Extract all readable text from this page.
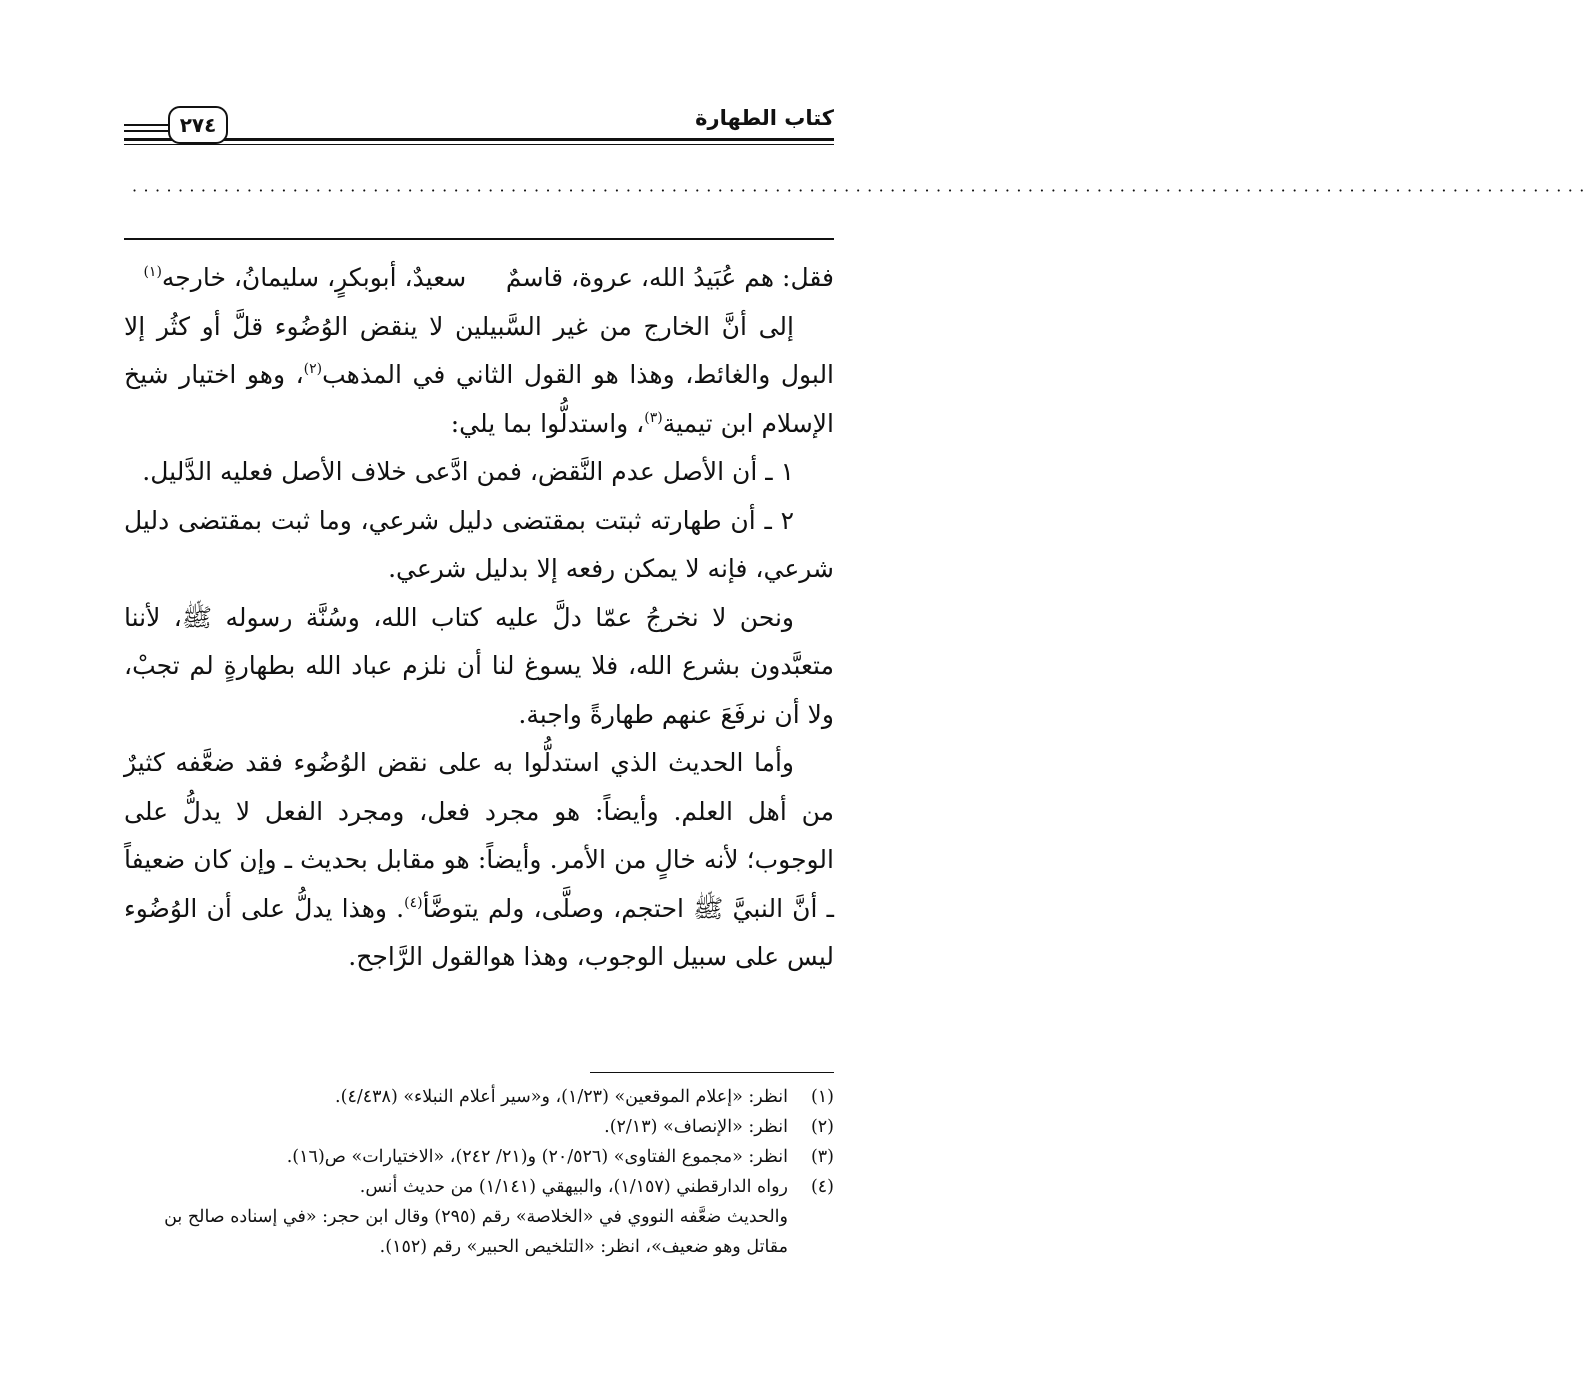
٢٧٤	كتاب الطهارة
·······························································································································

فقل: هم عُبَيدُ الله، عروة، قاسمٌ     سعيدٌ، أبوبكرٍ، سليمانُ، خارجه$^{(١)}$

إلى أنَّ الخارج من غير السَّبيلين لا ينقض الوُضُوء قلَّ أو كثُر إلا البول والغائط، وهذا هو القول الثاني في المذهب$^{(٢)}$، وهو اختيار شيخ الإسلام ابن تيمية$^{(٣)}$، واستدلُّوا بما يلي:

١ ـ أن الأصل عدم النَّقض، فمن ادَّعى خلاف الأصل فعليه الدَّليل.

٢ ـ أن طهارته ثبتت بمقتضى دليل شرعي، وما ثبت بمقتضى دليل شرعي، فإنه لا يمكن رفعه إلا بدليل شرعي.

ونحن لا نخرجُ عمّا دلَّ عليه كتاب الله، وسُنَّة رسوله ﷺ، لأننا متعبَّدون بشرع الله، فلا يسوغ لنا أن نلزم عباد الله بطهارةٍ لم تجبْ، ولا أن نرفَعَ عنهم طهارةً واجبة.

وأما الحديث الذي استدلُّوا به على نقض الوُضُوء فقد ضعَّفه كثيرٌ من أهل العلم. وأيضاً: هو مجرد فعل، ومجرد الفعل لا يدلُّ على الوجوب؛ لأنه خالٍ من الأمر. وأيضاً: هو مقابل بحديث ـ وإن كان ضعيفاً ـ أنَّ النبيَّ ﷺ احتجم، وصلَّى، ولم يتوضَّأ$^{(٤)}$. وهذا يدلُّ على أن الوُضُوء ليس على سبيل الوجوب، وهذا هوالقول الرَّاجح.

(١)
انظر: «إعلام الموقعين» (١/٢٣)، و«سير أعلام النبلاء» (٤/٤٣٨).

(٢)
انظر: «الإنصاف» (٢/١٣).

(٣)
انظر: «مجموع الفتاوى» (٢٠/٥٢٦) و(٢١/ ٢٤٢)، «الاختيارات» ص(١٦).

(٤)
رواه الدارقطني (١/١٥٧)، والبيهقي (١/١٤١) من حديث أنس.

والحديث ضعَّفه النووي في «الخلاصة» رقم (٢٩٥) وقال ابن حجر: «في إسناده صالح بن مقاتل وهو ضعيف»، انظر: «التلخيص الحبير» رقم (١٥٢).
